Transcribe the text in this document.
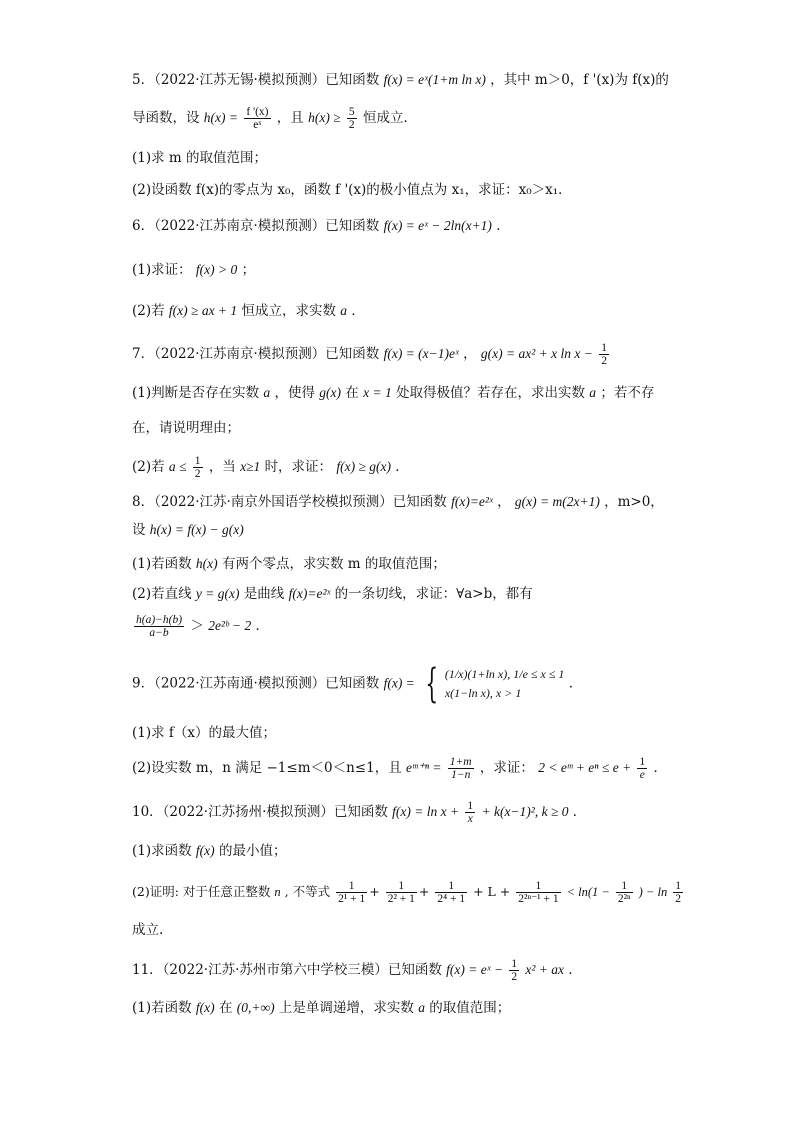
5．（2022·江苏无锡·模拟预测）已知函数 f(x) = eˣ(1+m ln x) ，其中 m＞0，f '(x)为 f(x)的
导函数，设 $h(x) = \frac{f '(x)}{\text{eˣ}}$ ，且 $h(x) \ge \frac{5}{2}$ 恒成立．
(1)求 m 的取值范围；
(2)设函数 f(x)的零点为 x₀，函数 f '(x)的极小值点为 x₁，求证：x₀＞x₁．
6．（2022·江苏南京·模拟预测）已知函数 f(x) = eˣ − 2ln(x+1) ．
(1)求证： f(x) > 0 ；
(2)若 f(x) ≥ ax + 1 恒成立，求实数 a ．
7．（2022·江苏南京·模拟预测）已知函数 f(x) = (x−1)eˣ ， g(x) = ax² + x $\ln x - \frac{1}{2}$
(1)判断是否存在实数 a ，使得 g(x) 在 x = 1 处取得极值？若存在，求出实数 a ；若不存
在，请说明理由；
(2)若 $a \le \frac{1}{2}$ ，当 x≥1 时，求证： f(x) ≥ g(x) ．
8．（2022·江苏·南京外国语学校模拟预测）已知函数 f(x)=e²ˣ ， g(x) = m(2x+1) ，m>0，
设 h(x) = f(x) − g(x)
(1)若函数 h(x) 有两个零点，求实数 m 的取值范围；
(2)若直线 y = g(x) 是曲线 f(x)=e²ˣ 的一条切线，求证：∀a>b，都有
$\frac{h(a)-h(b)}{a-b}$ ＞ 2e²ᵇ − 2 ．
9．（2022·江苏南通·模拟预测）已知函数 f(x) = { (1/x)(1+ln x), 1/e ≤ x ≤ 1
x(1−ln x), x > 1
．
(1)求 f（x）的最大值；
(2)设实数 m，n 满足 −1≤m＜0＜n≤1，且 eᵐ⁺ⁿ = $\frac{1+m}{1-n}$ ，求证： 2 < eᵐ + $e^n \le e + \frac{1}{e}$ ．
10．（2022·江苏扬州·模拟预测）已知函数 $f(x) = \ln x + \frac{1}{x} + k(x-1)^2$, k ≥ 0 ．
(1)求函数 f(x) 的最小值；
(2)证明: 对于任意正整数 n , 不等式 $\frac{1}{\text{2¹ + 1}} + \frac{1}{\text{2² + 1}} + \frac{1}{\text{2⁴ + 1}} + L + \frac{1}{\text{2²ⁿ⁻¹ + 1}} < \ln(1 - \frac{1}{\text{2²ⁿ}}$ ) − $\ln \frac{1}{2}$
成立.
11．（2022·江苏·苏州市第六中学校三模）已知函数 f(x) = eˣ − $\frac{1}{2} x^2$ + ax ．
(1)若函数 f(x) 在 (0,+∞) 上是单调递增，求实数 a 的取值范围；
